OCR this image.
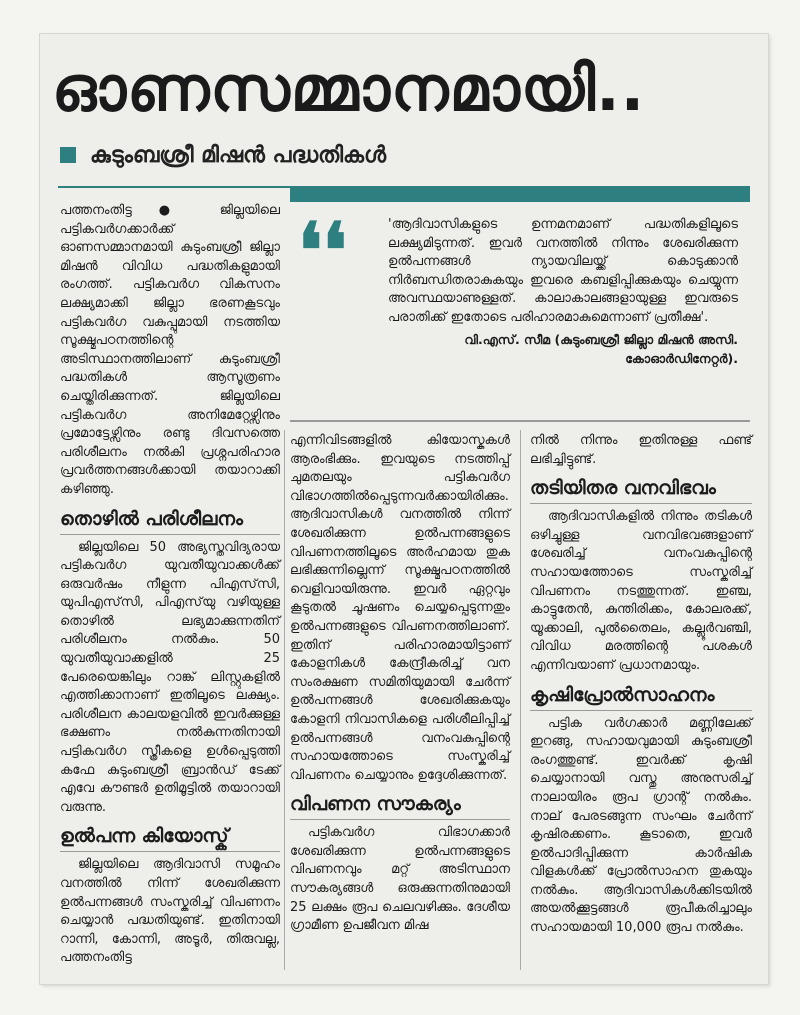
ഓണസമ്മാനമായി..
കുടുംബശ്രീ മിഷൻ പദ്ധതികൾ
❛❛	'ആദിവാസികളുടെ ഉന്നമനമാണ് പദ്ധതികളിലൂടെ ലക്ഷ്യമിടുന്നത്. ഇവർ വനത്തിൽ നിന്നും ശേഖരിക്കുന്ന ഉൽപന്നങ്ങൾ ന്യായവിലയ്ക്ക് കൊടുക്കാൻ നിർബന്ധിതരാകുകയും ഇവരെ കബളിപ്പിക്കുകയും ചെയ്യുന്ന അവസ്ഥയാണുള്ളത്. കാലാകാലങ്ങളായുള്ള ഇവരുടെ പരാതിക്ക് ഇതോടെ പരിഹാരമാകുമെന്നാണ് പ്രതീക്ഷ'.
വി.എസ്. സീമ (കുടുംബശ്രീ ജില്ലാ മിഷൻ അസി. കോഓർഡിനേറ്റർ).

പത്തനംതിട്ട ● ജില്ലയിലെ പട്ടികവർഗക്കാർക്ക് ഓണസമ്മാനമായി കുടുംബശ്രീ ജില്ലാ മിഷൻ വിവിധ പദ്ധതികളുമായി രംഗത്ത്. പട്ടികവർഗ വികസനം ലക്ഷ്യമാക്കി ജില്ലാ ഭരണകൂടവും പട്ടികവർഗ വകുപ്പുമായി നടത്തിയ സൂക്ഷ്മപഠനത്തിന്റെ അടിസ്ഥാനത്തിലാണ് കുടുംബശ്രീ പദ്ധതികൾ ആസൂത്രണം ചെയ്തിരിക്കുന്നത്. ജില്ലയിലെ പട്ടികവർഗ അനിമേറ്റേഴ്സിനും പ്രമോട്ടേഴ്സിനും രണ്ടു ദിവസത്തെ പരിശീലനം നൽകി പ്രശ്നപരിഹാര പ്രവർത്തനങ്ങൾക്കായി തയാറാക്കി കഴിഞ്ഞു.

തൊഴിൽ പരിശീലനം

ജില്ലയിലെ 50 അഭ്യസ്തവിദ്യരായ പട്ടികവർഗ യുവതീയുവാക്കൾക്ക് ഒരുവർഷം നീളുന്ന പിഎസ്‌സി, യുപിഎസ്‌സി, പിഎസ്‌യു വഴിയുള്ള തൊഴിൽ ലഭ്യമാക്കുന്നതിന് പരിശീലനം നൽകും. 50 യുവതീയുവാക്കളിൽ 25 പേരെയെങ്കിലും റാങ്ക് ലിസ്റ്റുകളിൽ എത്തിക്കാനാണ് ഇതിലൂടെ ലക്ഷ്യം. പരിശീലന കാലയളവിൽ ഇവർക്കുള്ള ഭക്ഷണം നൽകുന്നതിനായി പട്ടികവർഗ സ്ത്രീകളെ ഉൾപ്പെടുത്തി കഫേ കുടുംബശ്രീ ബ്രാൻഡ് ടേക്ക് എവേ കൗണ്ടർ ഉതിമൂട്ടിൽ തയാറായി വരുന്നു.

ഉൽപന്ന കിയോസ്ക്

ജില്ലയിലെ ആദിവാസി സമൂഹം വനത്തിൽ നിന്ന് ശേഖരിക്കുന്ന ഉൽപന്നങ്ങൾ സംസ്കരിച്ച് വിപണനം ചെയ്യാൻ പദ്ധതിയുണ്ട്. ഇതിനായി റാന്നി, കോന്നി, അടൂർ, തിരുവല്ല, പത്തനംതിട്ട

എന്നിവിടങ്ങളിൽ കിയോസ്കുകൾ ആരംഭിക്കും. ഇവയുടെ നടത്തിപ്പ് ചുമതലയും പട്ടികവർഗ വിഭാഗത്തിൽപ്പെടുന്നവർക്കായിരിക്കും. ആദിവാസികൾ വനത്തിൽ നിന്ന് ശേഖരിക്കുന്ന ഉൽപന്നങ്ങളുടെ വിപണനത്തിലൂടെ അർഹമായ തുക ലഭിക്കുന്നില്ലെന്ന് സൂക്ഷ്മപഠനത്തിൽ വെളിവായിരുന്നു. ഇവർ ഏറ്റവും കൂടുതൽ ചൂഷണം ചെയ്യപ്പെടുന്നതും ഉൽപന്നങ്ങളുടെ വിപണനത്തിലാണ്. ഇതിന് പരിഹാരമായിട്ടാണ് കോളനികൾ കേന്ദ്രീകരിച്ച് വന സംരക്ഷണ സമിതിയുമായി ചേർന്ന് ഉൽപന്നങ്ങൾ ശേഖരിക്കുകയും കോളനി നിവാസികളെ പരിശീലിപ്പിച്ച് ഉൽപന്നങ്ങൾ വനംവകുപ്പിന്റെ സഹായത്തോടെ സംസ്കരിച്ച് വിപണനം ചെയ്യാനും ഉദ്ദേശിക്കുന്നത്.

വിപണന സൗകര്യം

പട്ടികവർഗ വിഭാഗക്കാർ ശേഖരിക്കുന്ന ഉൽപന്നങ്ങളുടെ വിപണനവും മറ്റ് അടിസ്ഥാന സൗകര്യങ്ങൾ ഒരുക്കുന്നതിനുമായി 25 ലക്ഷം രൂപ ചെലവഴിക്കും. ദേശീയ ഗ്രാമീണ ഉപജീവന മിഷ

നിൽ നിന്നും ഇതിനുള്ള ഫണ്ട് ലഭിച്ചിട്ടുണ്ട്.

തടിയിതര വനവിഭവം

ആദിവാസികളിൽ നിന്നും തടികൾ ഒഴിച്ചുള്ള വനവിഭവങ്ങളാണ് ശേഖരിച്ച് വനംവകുപ്പിന്റെ സഹായത്തോടെ സംസ്കരിച്ച് വിപണനം നടത്തുന്നത്. ഇഞ്ച, കാട്ടുതേൻ, കുന്തിരിക്കം, കോലരക്ക്, യൂക്കാലി, പുൽതൈലം, കല്ലൂർവഞ്ചി, വിവിധ മരത്തിന്റെ പശകൾ എന്നിവയാണ് പ്രധാനമായും.

കൃഷിപ്രോൽസാഹനം

പട്ടിക വർഗക്കാർ മണ്ണിലേക്ക് ഇറങ്ങു, സഹായവുമായി കുടുംബശ്രീ രംഗത്തുണ്ട്. ഇവർക്ക് കൃഷി ചെയ്യാനായി വസ്തു അനുസരിച്ച് നാലായിരം രൂപ ഗ്രാന്റ് നൽകും. നാല് പേരടങ്ങുന്ന സംഘം ചേർന്ന് കൃഷിരക്കണം. കൂടാതെ, ഇവർ ഉൽപാദിപ്പിക്കുന്ന കാർഷിക വിളകൾക്ക് പ്രോൽസാഹന തുകയും നൽകും. ആദിവാസികൾക്കിടയിൽ അയൽക്കൂട്ടങ്ങൾ രൂപീകരിച്ചാലും സഹായമായി 10,000 രൂപ നൽകും.
